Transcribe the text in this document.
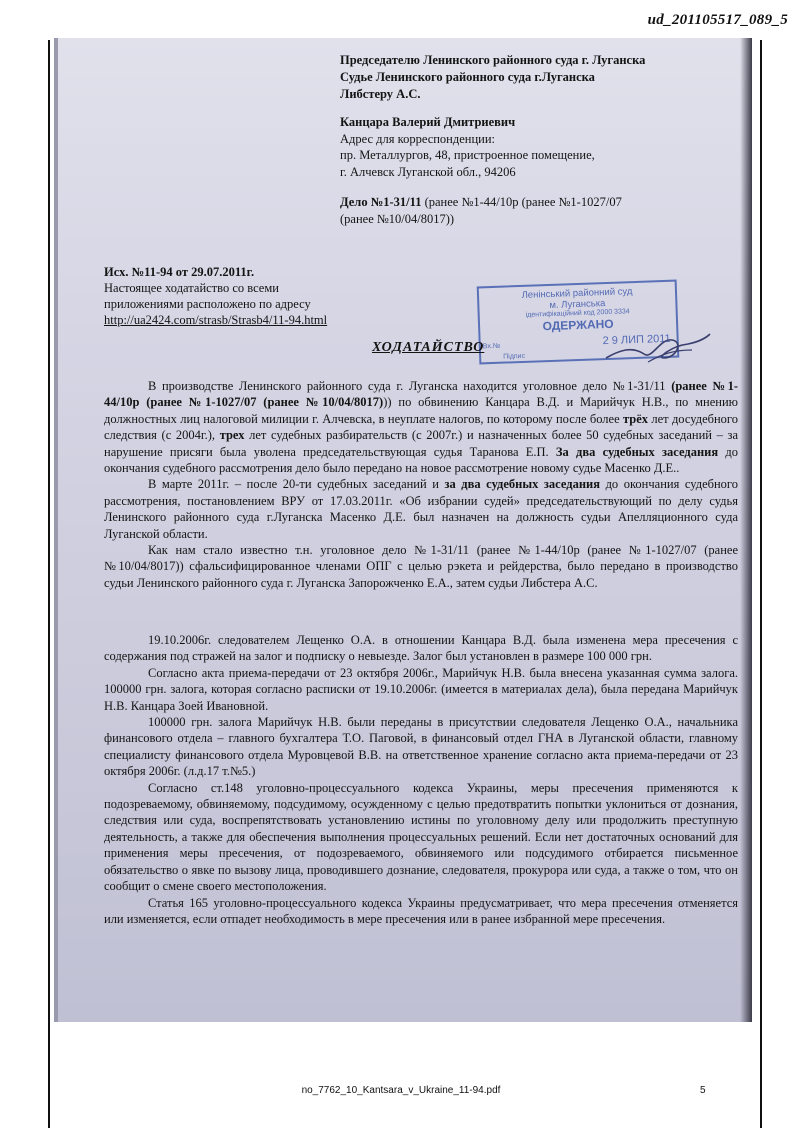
ud_201105517_089_5
Председателю Ленинского районного суда г. Луганска
Судье Ленинского районного суда г.Луганска
Либстеру А.С.
Канцара Валерий Дмитриевич
Адрес для корреспонденции:
пр. Металлургов, 48, пристроенное помещение,
г. Алчевск Луганской обл., 94206
Дело №1-31/11 (ранее №1-44/10р (ранее №1-1027/07
(ранее №10/04/8017))
Исх. №11-94 от 29.07.2011г.
Настоящее ходатайство со всеми
приложениями расположено по адресу
http://ua2424.com/strasb/Strasb4/11-94.html
Ленінський районний суд
м. Луганська
ідентифікаційний код 2000 3334
ОДЕРЖАНО
Вх.№	2 9 ЛИП 2011
Підпис
ХОДАТАЙСТВО

В производстве Ленинского районного суда г. Луганска находится уголовное дело №1-31/11 (ранее №1-44/10р (ранее №1-1027/07 (ранее №10/04/8017))) по обвинению Канцара В.Д. и Марийчук Н.В., по мнению должностных лиц налоговой милиции г. Алчевска, в неуплате налогов, по которому после более трёх лет досудебного следствия (с 2004г.), трех лет судебных разбирательств (с 2007г.) и назначенных более 50 судебных заседаний – за нарушение присяги была уволена председательствующая судья Таранова Е.П. За два судебных заседания до окончания судебного рассмотрения дело было передано на новое рассмотрение новому судье Масенко Д.Е..

В марте 2011г. – после 20-ти судебных заседаний и за два судебных заседания до окончания судебного рассмотрения, постановлением ВРУ от 17.03.2011г. «Об избрании судей» председательствующий по делу судья Ленинского районного суда г.Луганска Масенко Д.Е. был назначен на должность судьи Апелляционного суда Луганской области.

Как нам стало известно т.н. уголовное дело №1-31/11 (ранее №1-44/10р (ранее №1-1027/07 (ранее №10/04/8017)) сфальсифицированное членами ОПГ с целью рэкета и рейдерства, было передано в производство судьи Ленинского районного суда г. Луганска Запорожченко Е.А., затем судьи Либстера А.С.

19.10.2006г. следователем Лещенко О.А. в отношении Канцара В.Д. была изменена мера пресечения с содержания под стражей на залог и подписку о невыезде. Залог был установлен в размере 100 000 грн.

Согласно акта приема-передачи от 23 октября 2006г., Марийчук Н.В. была внесена указанная сумма залога. 100000 грн. залога, которая согласно расписки от 19.10.2006г. (имеется в материалах дела), была передана Марийчук Н.В. Канцара Зоей Ивановной.

100000 грн. залога Марийчук Н.В. были переданы в присутствии следователя Лещенко О.А., начальника финансового отдела – главного бухгалтера Т.О. Паговой, в финансовый отдел ГНА в Луганской области, главному специалисту финансового отдела Муровцевой В.В. на ответственное хранение согласно акта приема-передачи от 23 октября 2006г. (л.д.17 т.№5.)

Согласно ст.148 уголовно-процессуального кодекса Украины, меры пресечения применяются к подозреваемому, обвиняемому, подсудимому, осужденному с целью предотвратить попытки уклониться от дознания, следствия или суда, воспрепятствовать установлению истины по уголовному делу или продолжить преступную деятельность, а также для обеспечения выполнения процессуальных решений. Если нет достаточных оснований для применения меры пресечения, от подозреваемого, обвиняемого или подсудимого отбирается письменное обязательство о явке по вызову лица, проводившего дознание, следователя, прокурора или суда, а также о том, что он сообщит о смене своего местоположения.

Статья 165 уголовно-процессуального кодекса Украины предусматривает, что мера пресечения отменяется или изменяется, если отпадет необходимость в мере пресечения или в ранее избранной мере пресечения.

no_7762_10_Kantsara_v_Ukraine_11-94.pdf	5
